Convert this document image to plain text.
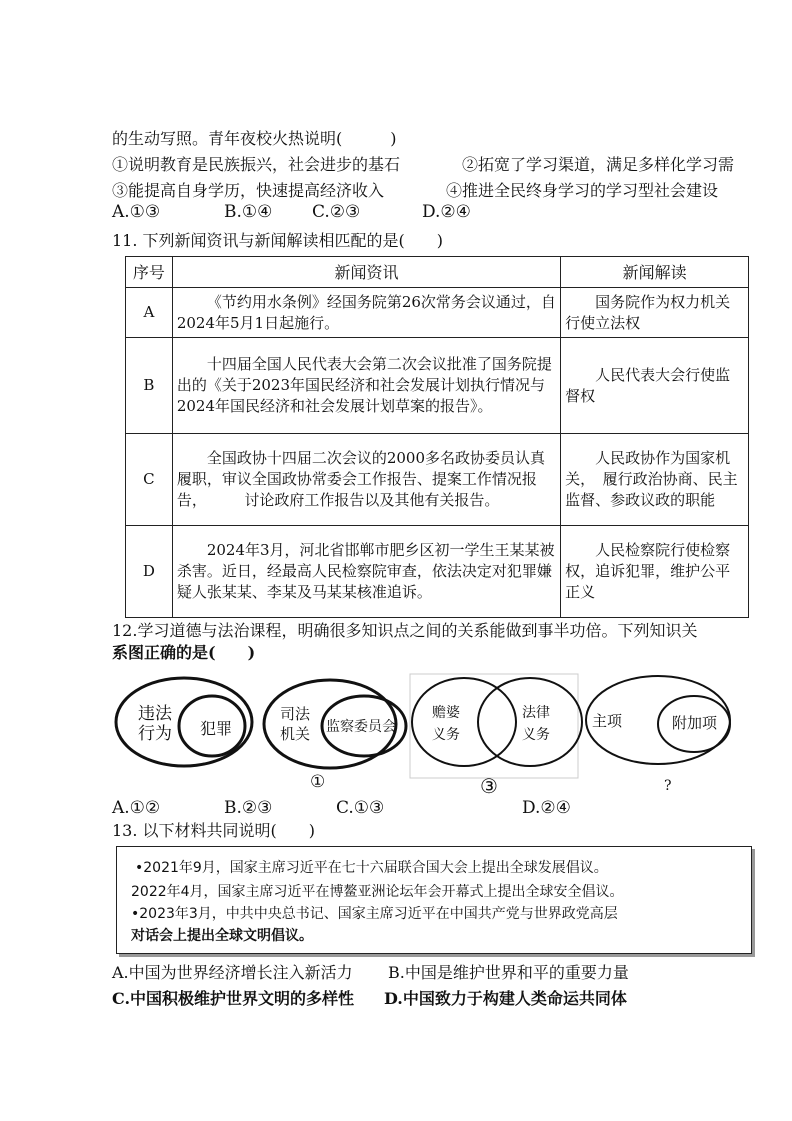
的生动写照。青年夜校火热说明(　　　)
①说明教育是民族振兴，社会进步的基石	②拓宽了学习渠道，满足多样化学习需
③能提高自身学历，快速提高经济收入	④推进全民终身学习的学习型社会建设
A.①③	B.①④ C.②③	D.②④
11. 下列新闻资讯与新闻解读相匹配的是(　　)
序号	新闻资讯	新闻解读
A	《节约用水条例》经国务院第26次常务会议通过，自2024年5月1日起施行。	国务院作为权力机关行使立法权
B	十四届全国人民代表大会第二次会议批准了国务院提出的《关于2023年国民经济和社会发展计划执行情况与2024年国民经济和社会发展计划草案的报告》。	人民代表大会行使监督权
C	全国政协十四届二次会议的2000多名政协委员认真履职，审议全国政协常委会工作报告、提案工作情况报告，　　　讨论政府工作报告以及其他有关报告。	人民政协作为国家机关，　履行政治协商、民主监督、参政议政的职能
D	2024年3月，河北省邯郸市肥乡区初一学生王某某被杀害。近日，经最高人民检察院审查，依法决定对犯罪嫌疑人张某某、李某及马某某核准追诉。	人民检察院行使检察权，追诉犯罪，维护公平正义
12.学习道德与法治课程，明确很多知识点之间的关系能做到事半功倍。下列知识关
系图正确的是(　　)
违法行为 犯罪
司法机关	监察委员会
赡婆义务
法律义务
主项	附加项
①	③	?
A.①②	B.②③	C.①③	D.②④
13. 以下材料共同说明(　　)
•2021年9月，国家主席习近平在七十六届联合国大会上提出全球发展倡议。
2022年4月，国家主席习近平在博鳌亚洲论坛年会开幕式上提出全球安全倡议。
•2023年3月，中共中央总书记、国家主席习近平在中国共产党与世界政党高层
对话会上提出全球文明倡议。
A.中国为世界经济增长注入新活力 B.中国是维护世界和平的重要力量
C.中国积极维护世界文明的多样性 D.中国致力于构建人类命运共同体
